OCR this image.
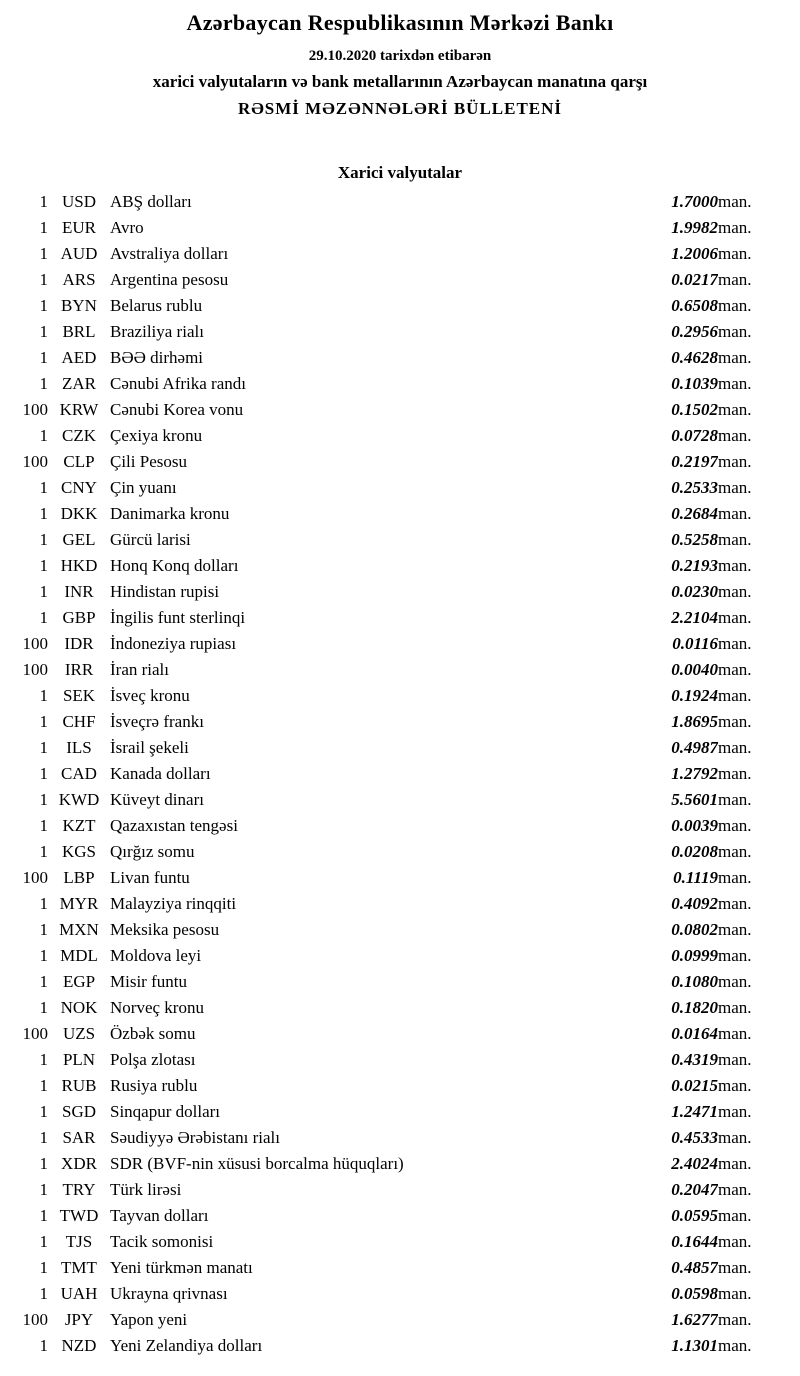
Azərbaycan Respublikasının Mərkəzi Bankı
29.10.2020 tarixdən etibarən
xarici valyutaların və bank metallarının Azərbaycan manatına qarşı
RƏSMİ MƏZƏNNƏLƏRİ BÜLLETENİ
Xarici valyutalar
1	USD	ABŞ dolları	1.7000	man.
1	EUR	Avro	1.9982	man.
1	AUD	Avstraliya dolları	1.2006	man.
1	ARS	Argentina pesosu	0.0217	man.
1	BYN	Belarus rublu	0.6508	man.
1	BRL	Braziliya rialı	0.2956	man.
1	AED	BƏƏ dirhəmi	0.4628	man.
1	ZAR	Cənubi Afrika randı	0.1039	man.
100	KRW	Cənubi Korea vonu	0.1502	man.
1	CZK	Çexiya kronu	0.0728	man.
100	CLP	Çili Pesosu	0.2197	man.
1	CNY	Çin yuanı	0.2533	man.
1	DKK	Danimarka kronu	0.2684	man.
1	GEL	Gürcü larisi	0.5258	man.
1	HKD	Honq Konq dolları	0.2193	man.
1	INR	Hindistan rupisi	0.0230	man.
1	GBP	İngilis funt sterlinqi	2.2104	man.
100	IDR	İndoneziya rupiası	0.0116	man.
100	IRR	İran rialı	0.0040	man.
1	SEK	İsveç kronu	0.1924	man.
1	CHF	İsveçrə frankı	1.8695	man.
1	ILS	İsrail şekeli	0.4987	man.
1	CAD	Kanada dolları	1.2792	man.
1	KWD	Küveyt dinarı	5.5601	man.
1	KZT	Qazaxıstan tengəsi	0.0039	man.
1	KGS	Qırğız somu	0.0208	man.
100	LBP	Livan funtu	0.1119	man.
1	MYR	Malayziya rinqqiti	0.4092	man.
1	MXN	Meksika pesosu	0.0802	man.
1	MDL	Moldova leyi	0.0999	man.
1	EGP	Misir funtu	0.1080	man.
1	NOK	Norveç kronu	0.1820	man.
100	UZS	Özbək somu	0.0164	man.
1	PLN	Polşa zlotası	0.4319	man.
1	RUB	Rusiya rublu	0.0215	man.
1	SGD	Sinqapur dolları	1.2471	man.
1	SAR	Səudiyyə Ərəbistanı rialı	0.4533	man.
1	XDR	SDR (BVF-nin xüsusi borcalma hüquqları)	2.4024	man.
1	TRY	Türk lirəsi	0.2047	man.
1	TWD	Tayvan dolları	0.0595	man.
1	TJS	Tacik somonisi	0.1644	man.
1	TMT	Yeni türkmən manatı	0.4857	man.
1	UAH	Ukrayna qrivnası	0.0598	man.
100	JPY	Yapon yeni	1.6277	man.
1	NZD	Yeni Zelandiya dolları	1.1301	man.
